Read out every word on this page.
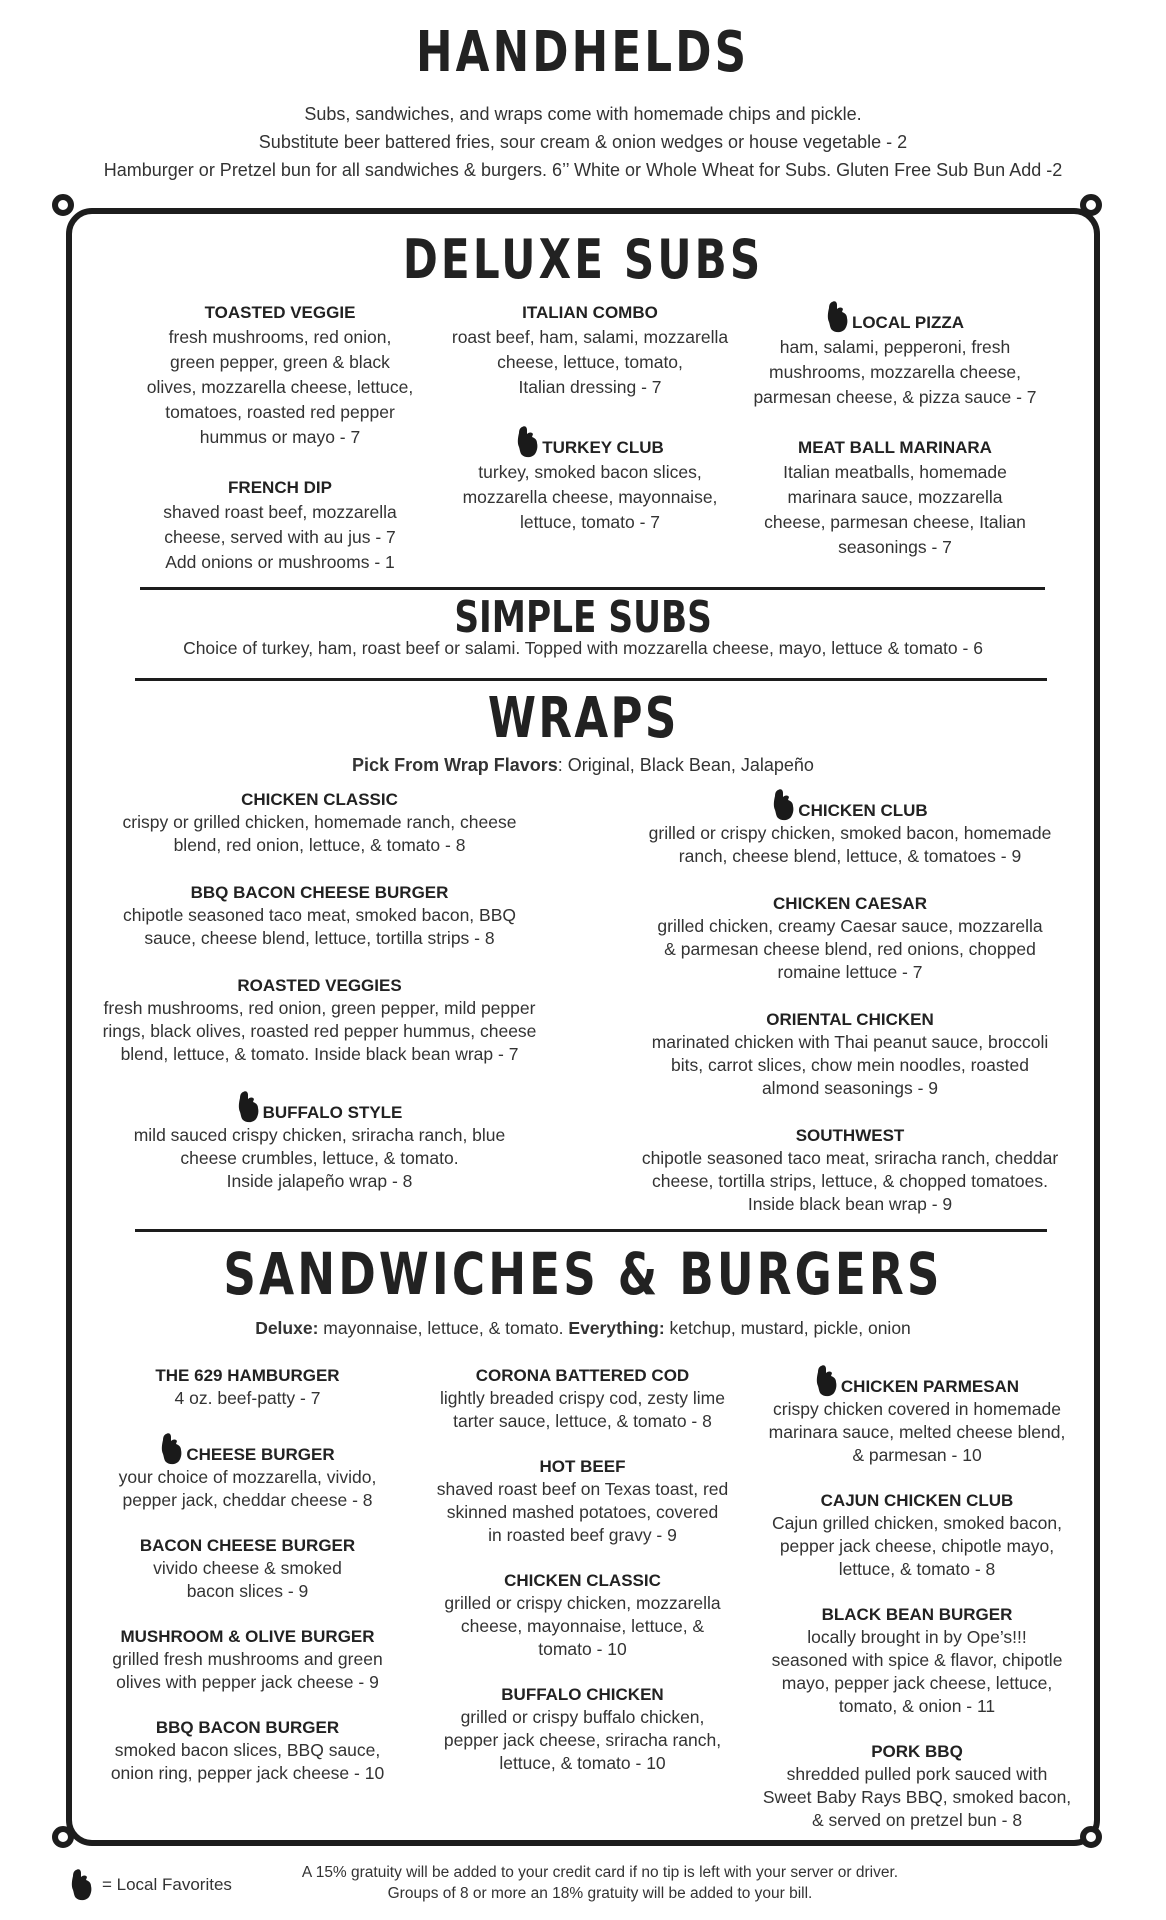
HANDHELDS
Subs, sandwiches, and wraps come with homemade chips and pickle.
Substitute beer battered fries, sour cream & onion wedges or house vegetable - 2
Hamburger or Pretzel bun for all sandwiches & burgers. 6’’ White or Whole Wheat for Subs. Gluten Free Sub Bun Add -2
DELUXE SUBS
TOASTED VEGGIE
fresh mushrooms, red onion,
green pepper, green & black
olives, mozzarella cheese, lettuce,
tomatoes, roasted red pepper
hummus or mayo - 7
FRENCH DIP
shaved roast beef, mozzarella
cheese, served with au jus - 7
Add onions or mushrooms - 1
ITALIAN COMBO
roast beef, ham, salami, mozzarella
cheese, lettuce, tomato,
Italian dressing - 7
TURKEY CLUB
turkey, smoked bacon slices,
mozzarella cheese, mayonnaise,
lettuce, tomato - 7
LOCAL PIZZA
ham, salami, pepperoni, fresh
mushrooms, mozzarella cheese,
parmesan cheese, & pizza sauce - 7
MEAT BALL MARINARA
Italian meatballs, homemade
marinara sauce, mozzarella
cheese, parmesan cheese, Italian
seasonings - 7
SIMPLE SUBS
Choice of turkey, ham, roast beef or salami. Topped with mozzarella cheese, mayo, lettuce & tomato - 6
WRAPS
Pick From Wrap Flavors: Original, Black Bean, Jalapeño
CHICKEN CLASSIC
crispy or grilled chicken, homemade ranch, cheese
blend, red onion, lettuce, & tomato - 8
BBQ BACON CHEESE BURGER
chipotle seasoned taco meat, smoked bacon, BBQ
sauce, cheese blend, lettuce, tortilla strips - 8
ROASTED VEGGIES
fresh mushrooms, red onion, green pepper, mild pepper
rings, black olives, roasted red pepper hummus, cheese
blend, lettuce, & tomato. Inside black bean wrap - 7
BUFFALO STYLE
mild sauced crispy chicken, sriracha ranch, blue
cheese crumbles, lettuce, & tomato.
Inside jalapeño wrap - 8
CHICKEN CLUB
grilled or crispy chicken, smoked bacon, homemade
ranch, cheese blend, lettuce, & tomatoes - 9
CHICKEN CAESAR
grilled chicken, creamy Caesar sauce, mozzarella
& parmesan cheese blend, red onions, chopped
romaine lettuce - 7
ORIENTAL CHICKEN
marinated chicken with Thai peanut sauce, broccoli
bits, carrot slices, chow mein noodles, roasted
almond seasonings - 9
SOUTHWEST
chipotle seasoned taco meat, sriracha ranch, cheddar
cheese, tortilla strips, lettuce, & chopped tomatoes.
Inside black bean wrap - 9
SANDWICHES & BURGERS
Deluxe: mayonnaise, lettuce, & tomato. Everything: ketchup, mustard, pickle, onion
THE 629 HAMBURGER
4 oz. beef-patty - 7
CHEESE BURGER
your choice of mozzarella, vivido,
pepper jack, cheddar cheese - 8
BACON CHEESE BURGER
vivido cheese & smoked
bacon slices - 9
MUSHROOM & OLIVE BURGER
grilled fresh mushrooms and green
olives with pepper jack cheese - 9
BBQ BACON BURGER
smoked bacon slices, BBQ sauce,
onion ring, pepper jack cheese - 10
CORONA BATTERED COD
lightly breaded crispy cod, zesty lime
tarter sauce, lettuce, & tomato - 8
HOT BEEF
shaved roast beef on Texas toast, red
skinned mashed potatoes, covered
in roasted beef gravy - 9
CHICKEN CLASSIC
grilled or crispy chicken, mozzarella
cheese, mayonnaise, lettuce, &
tomato - 10
BUFFALO CHICKEN
grilled or crispy buffalo chicken,
pepper jack cheese, sriracha ranch,
lettuce, & tomato - 10
CHICKEN PARMESAN
crispy chicken covered in homemade
marinara sauce, melted cheese blend,
& parmesan - 10
CAJUN CHICKEN CLUB
Cajun grilled chicken, smoked bacon,
pepper jack cheese, chipotle mayo,
lettuce, & tomato - 8
BLACK BEAN BURGER
locally brought in by Ope’s!!!
seasoned with spice & flavor, chipotle
mayo, pepper jack cheese, lettuce,
tomato, & onion - 11
PORK BBQ
shredded pulled pork sauced with
Sweet Baby Rays BBQ, smoked bacon,
& served on pretzel bun - 8
= Local Favorites
A 15% gratuity will be added to your credit card if no tip is left with your server or driver.
Groups of 8 or more an 18% gratuity will be added to your bill.
